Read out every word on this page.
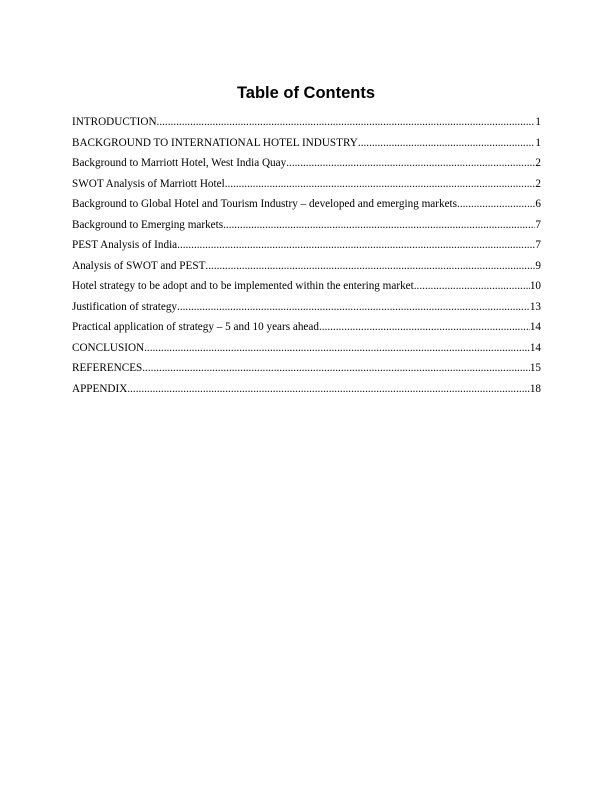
Table of Contents
INTRODUCTION .....	1
BACKGROUND TO INTERNATIONAL HOTEL INDUSTRY .....	1
Background to Marriott Hotel, West India Quay .....	2
SWOT Analysis of Marriott Hotel .....	2
Background to Global Hotel and Tourism Industry – developed and emerging markets .....	6
Background to Emerging markets .....	7
PEST Analysis of India .....	7
Analysis of SWOT and PEST .....	9
Hotel strategy to be adopt and to be implemented within the entering market .....	10
Justification of strategy .....	13
Practical application of strategy – 5 and 10 years ahead .....	14
CONCLUSION .....	14
REFERENCES .....	15
APPENDIX .....	18
